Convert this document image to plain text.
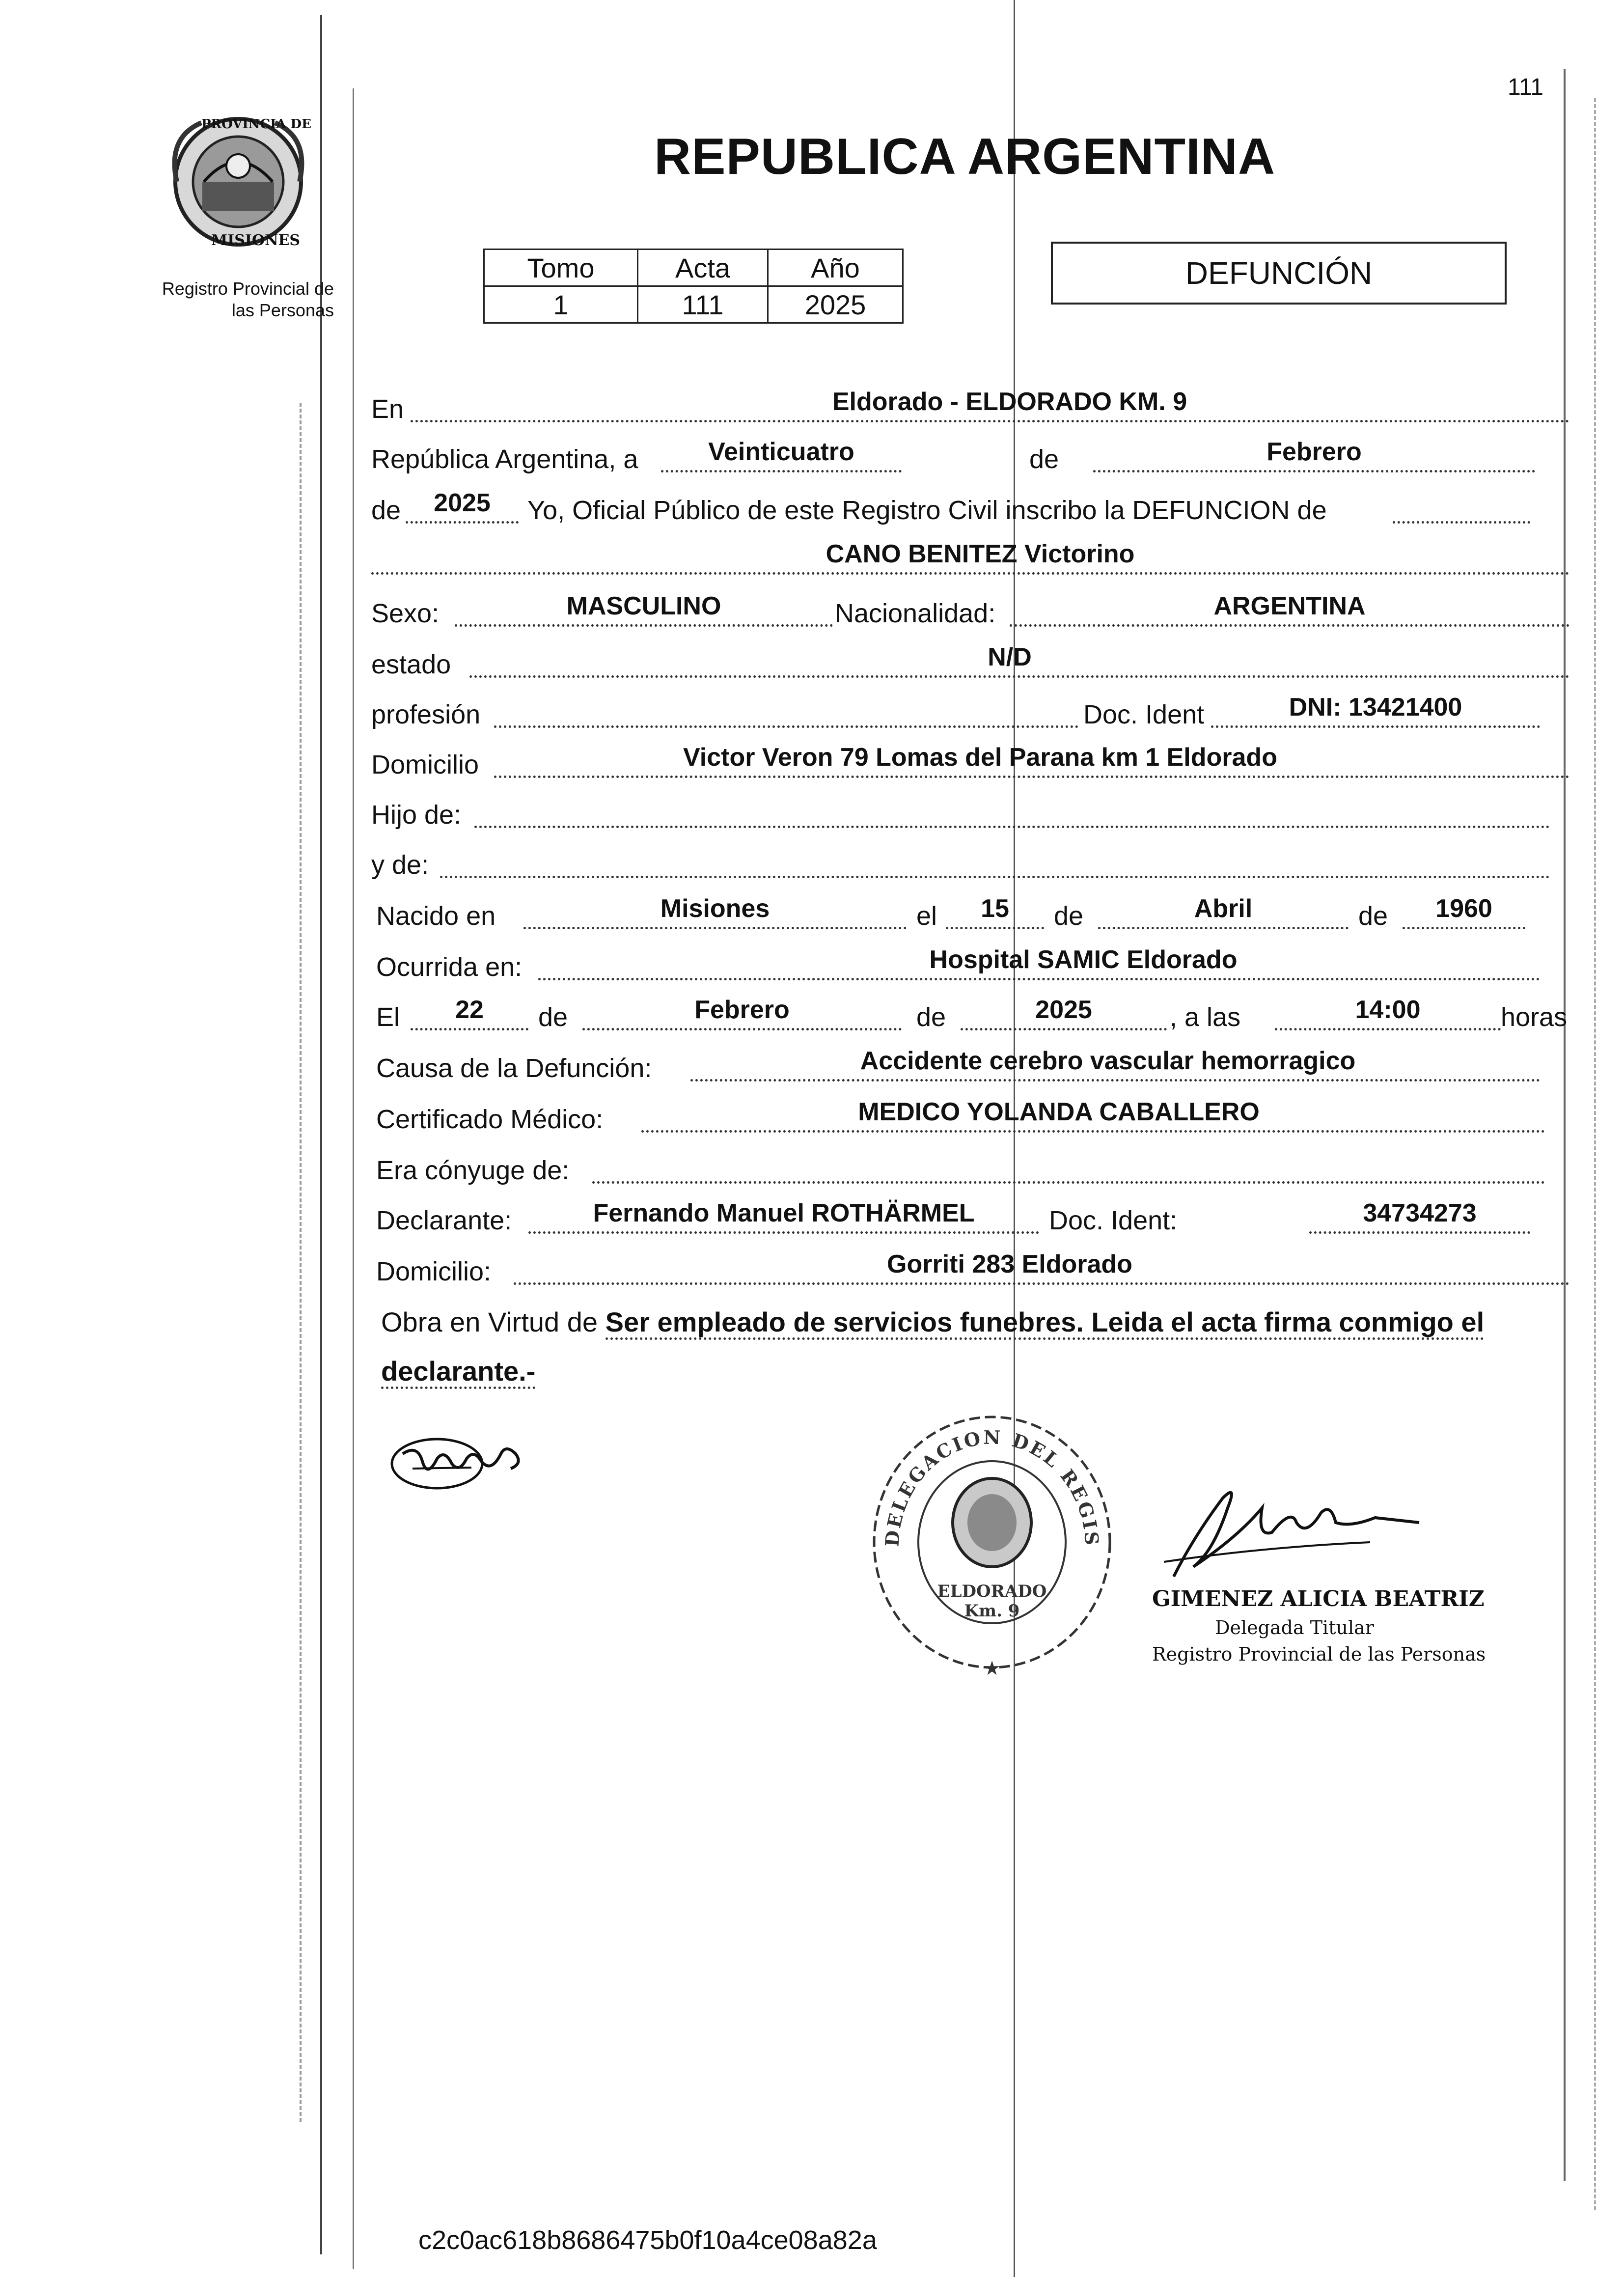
111
PROVINCIA DE
MISIONES
Registro Provincial de
las Personas
REPUBLICA ARGENTINA
Tomo	Acta	Año
1	111	2025
DEFUNCIÓN
En	Eldorado - ELDORADO KM. 9
República Argentina, a	Veinticuatro	de	Febrero
de	2025	Yo, Oficial Público de este Registro Civil inscribo la DEFUNCION de
CANO BENITEZ Victorino
Sexo:	MASCULINO	Nacionalidad:	ARGENTINA
estado	N/D
profesión	Doc. Ident	DNI: 13421400
Domicilio	Victor Veron 79 Lomas del Parana km 1 Eldorado
Hijo de:
y de:
Nacido en	Misiones	el	15	de	Abril	de	1960
Ocurrida en:	Hospital SAMIC Eldorado
El	22	de	Febrero	de	2025	, a las	14:00	horas
Causa de la Defunción:	Accidente cerebro vascular hemorragico
Certificado Médico:	MEDICO YOLANDA CABALLERO
Era cónyuge de:
Declarante:	Fernando Manuel ROTHÄRMEL	Doc. Ident:	34734273
Domicilio:	Gorriti 283 Eldorado
Obra en Virtud de Ser empleado de servicios funebres. Leida el acta firma conmigo el declarante.-
★
DELEGACION DEL REGIS
ELDORADO Km. 9	GIMENEZ ALICIA BEATRIZ
Delegada Titular
Registro Provincial de las Personas
c2c0ac618b8686475b0f10a4ce08a82a
